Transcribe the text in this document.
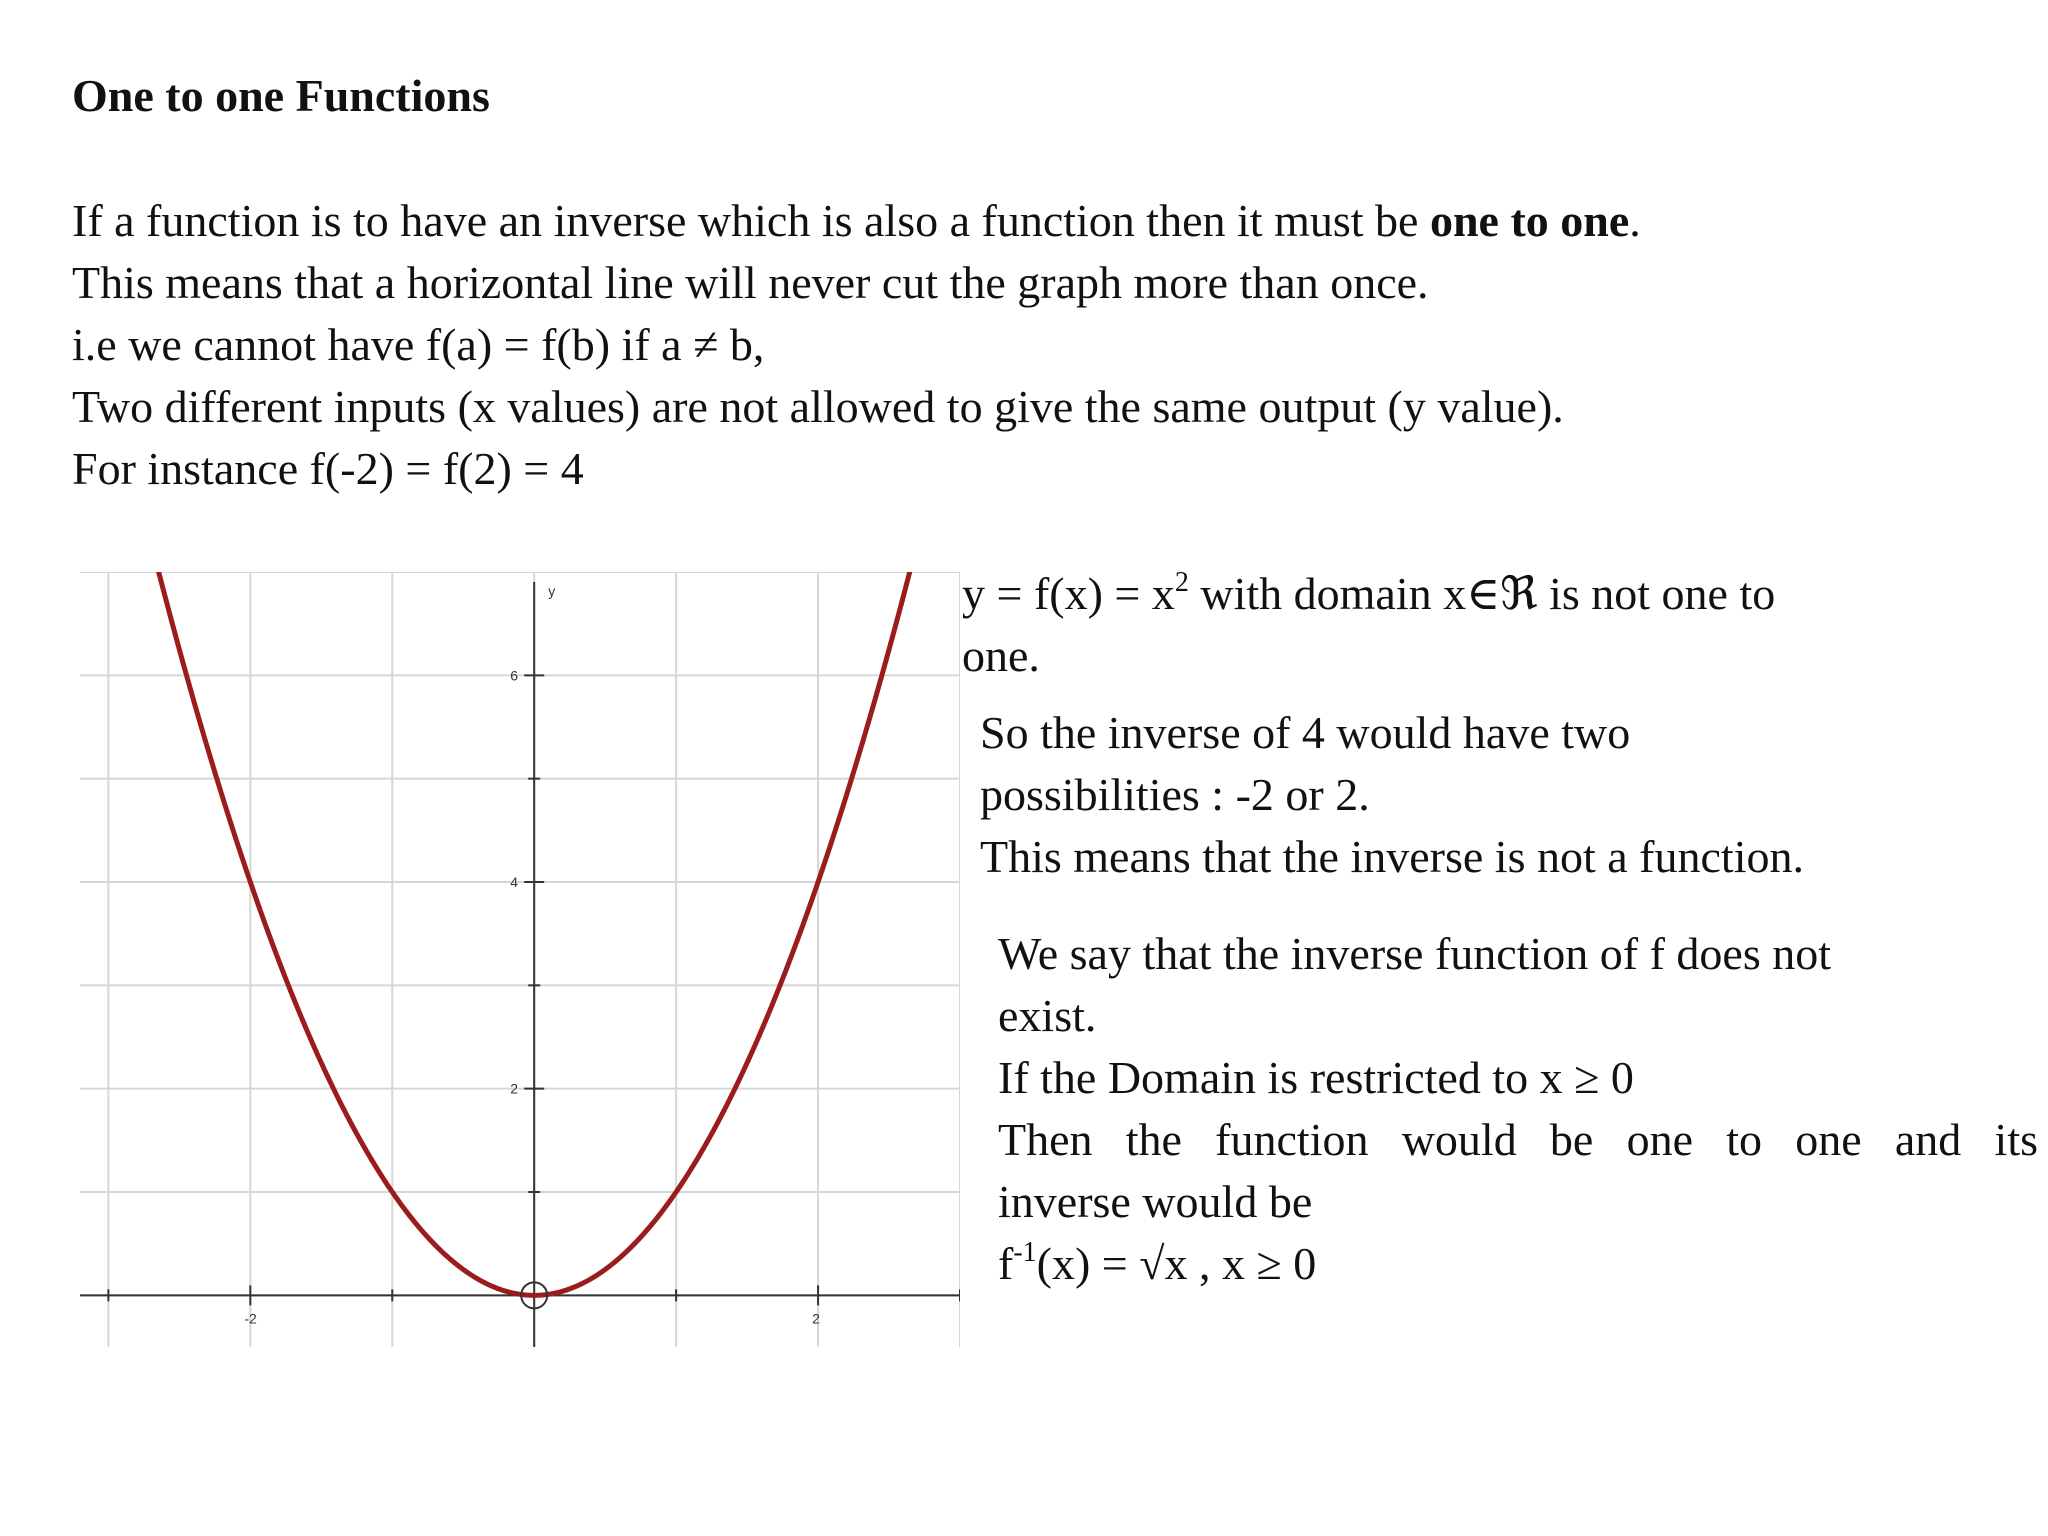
One to one Functions
If a function is to have an inverse which is also a function then it must be one to one.
This means that a horizontal line will never cut the graph more than once.
i.e we cannot have f(a) = f(b) if a ≠ b,
Two different inputs (x values) are not allowed to give the same output (y value).
For instance f(-2) = f(2) = 4
y
-2	2
2
4
6
$y = f(x) = x^2$ with domain x∈ℜ is not one to
one.
So the inverse of 4 would have two
possibilities : -2 or 2.
This means that the inverse is not a function.
We say that the inverse function of f does not
exist.
If the Domain is restricted to x ≥ 0
Then the function would be one to one and its
inverse would be
$f^{-1}(x) = √x$ , x ≥ 0
